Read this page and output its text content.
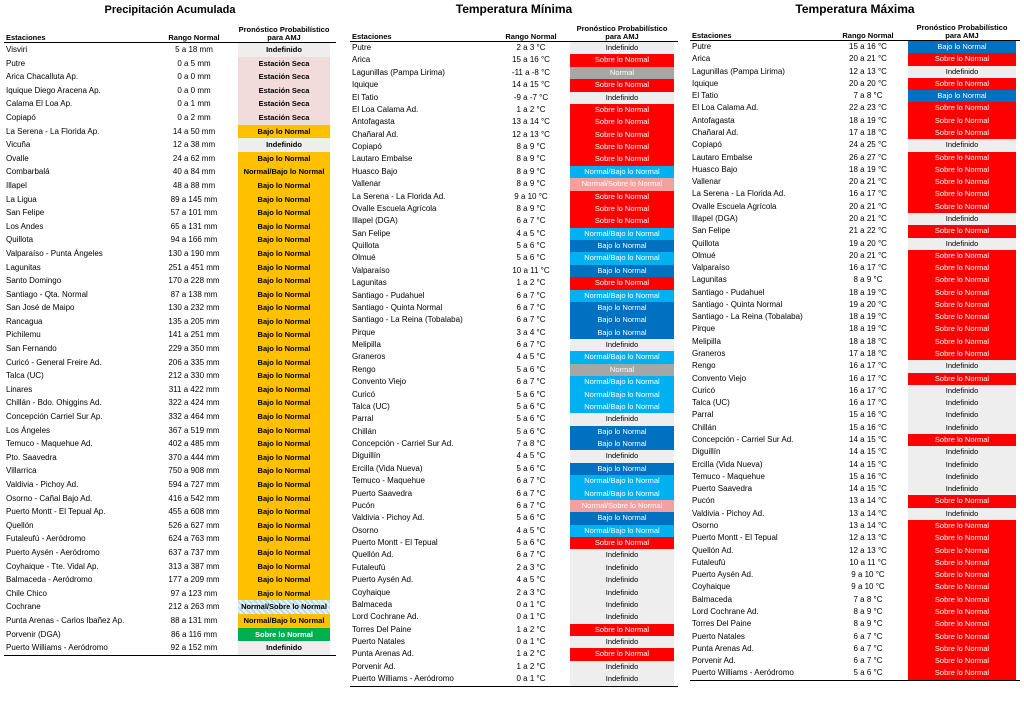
Precipitación Acumulada
Estaciones	Rango Normal	Pronóstico Probabilístico para AMJ	
Visviri	5 a 18 mm	Indefinido	
Putre	0 a 5 mm	Estación Seca	
Arica Chacalluta Ap.	0 a 0 mm	Estación Seca	
Iquique Diego Aracena Ap.	0 a 0 mm	Estación Seca	
Calama El Loa Ap.	0 a 1 mm	Estación Seca	
Copiapó	0 a 2 mm	Estación Seca	
La Serena - La Florida Ap.	14 a 50 mm	Bajo lo Normal	
Vicuña	12 a 38 mm	Indefinido	
Ovalle	24 a 62 mm	Bajo lo Normal	
Combarbalá	40 a 84 mm	Normal/Bajo lo Normal	
Illapel	48 a 88 mm	Bajo lo Normal	
La Ligua	89 a 145 mm	Bajo lo Normal	
San Felipe	57 a 101 mm	Bajo lo Normal	
Los Andes	65 a 131 mm	Bajo lo Normal	
Quillota	94 a 166 mm	Bajo lo Normal	
Valparaíso - Punta Ángeles	130 a 190 mm	Bajo lo Normal	
Lagunitas	251 a 451 mm	Bajo lo Normal	
Santo Domingo	170 a 228 mm	Bajo lo Normal	
Santiago - Qta. Normal	87 a 138 mm	Bajo lo Normal	
San José de Maipo	130 a 232 mm	Bajo lo Normal	
Rancagua	135 a 205 mm	Bajo lo Normal	
Pichilemu	141 a 251 mm	Bajo lo Normal	
San Fernando	229 a 350 mm	Bajo lo Normal	
Curicó - General Freire Ad.	206 a 335 mm	Bajo lo Normal	
Talca (UC)	212 a 330 mm	Bajo lo Normal	
Linares	311 a 422 mm	Bajo lo Normal	
Chillán - Bdo. Ohiggins Ad.	322 a 424 mm	Bajo lo Normal	
Concepción Carriel Sur Ap.	332 a 464 mm	Bajo lo Normal	
Los Ángeles	367 a 519 mm	Bajo lo Normal	
Temuco - Maquehue Ad.	402 a 485 mm	Bajo lo Normal	
Pto. Saavedra	370 a 444 mm	Bajo lo Normal	
Villarrica	750 a 908 mm	Bajo lo Normal	
Valdivia - Pichoy Ad.	594 a 727 mm	Bajo lo Normal	
Osorno - Cañal Bajo Ad.	416 a 542 mm	Bajo lo Normal	
Puerto Montt - El Tepual Ap.	455 a 608 mm	Bajo lo Normal	
Quellón	526 a 627 mm	Bajo lo Normal	
Futaleufú - Aeródromo	624 a 763 mm	Bajo lo Normal	
Puerto Aysén - Aeródromo	637 a 737 mm	Bajo lo Normal	
Coyhaique - Tte. Vidal Ap.	313 a 387 mm	Bajo lo Normal	
Balmaceda - Aeródromo	177 a 209 mm	Bajo lo Normal	
Chile Chico	97 a 123 mm	Bajo lo Normal	
Cochrane	212 a 263 mm	Normal/Sobre lo Normal	
Punta Arenas - Carlos Ibañez Ap.	88 a 131 mm	Normal/Bajo lo Normal	
Porvenir (DGA)	86 a 116 mm	Sobre lo Normal	
Puerto Williams - Aeródromo	92 a 152 mm	Indefinido	
Temperatura Mínima
Estaciones	Rango Normal	Pronóstico Probabilístico para AMJ	
Putre	2 a 3 °C	Indefinido	
Arica	15 a 16 °C	Sobre lo Normal	
Lagunillas (Pampa Lirima)	-11 a -8 °C	Normal	
Iquique	14 a 15 °C	Sobre lo Normal	
El Tatio	-9 a -7 °C	Indefinido	
El Loa Calama Ad.	1 a 2 °C	Sobre lo Normal	
Antofagasta	13 a 14 °C	Sobre lo Normal	
Chañaral Ad.	12 a 13 °C	Sobre lo Normal	
Copiapó	8 a 9 °C	Sobre lo Normal	
Lautaro Embalse	8 a 9 °C	Sobre lo Normal	
Huasco Bajo	8 a 9 °C	Normal/Bajo lo Normal	
Vallenar	8 a 9 °C	Normal/Sobre lo Normal	
La Serena - La Florida Ad.	9 a 10 °C	Sobre lo Normal	
Ovalle Escuela Agrícola	8 a 9 °C	Sobre lo Normal	
Illapel (DGA)	6 a 7 °C	Sobre lo Normal	
San Felipe	4 a 5 °C	Normal/Bajo lo Normal	
Quillota	5 a 6 °C	Bajo lo Normal	
Olmué	5 a 6 °C	Normal/Bajo lo Normal	
Valparaíso	10 a 11 °C	Bajo lo Normal	
Lagunitas	1 a 2 °C	Sobre lo Normal	
Santiago - Pudahuel	6 a 7 °C	Normal/Bajo lo Normal	
Santiago - Quinta Normal	6 a 7 °C	Bajo lo Normal	
Santiago - La Reina (Tobalaba)	6 a 7 °C	Bajo lo Normal	
Pirque	3 a 4 °C	Bajo lo Normal	
Melipilla	6 a 7 °C	Indefinido	
Graneros	4 a 5 °C	Normal/Bajo lo Normal	
Rengo	5 a 6 °C	Normal	
Convento Viejo	6 a 7 °C	Normal/Bajo lo Normal	
Curicó	5 a 6 °C	Normal/Bajo lo Normal	
Talca (UC)	5 a 6 °C	Normal/Bajo lo Normal	
Parral	5 a 6 °C	Indefinido	
Chillán	5 a 6 °C	Bajo lo Normal	
Concepción - Carriel Sur Ad.	7 a 8 °C	Bajo lo Normal	
Diguillín	4 a 5 °C	Indefinido	
Ercilla (Vida Nueva)	5 a 6 °C	Bajo lo Normal	
Temuco - Maquehue	6 a 7 °C	Normal/Bajo lo Normal	
Puerto Saavedra	6 a 7 °C	Normal/Bajo lo Normal	
Pucón	6 a 7 °C	Normal/Sobre lo Normal	
Valdivia - Pichoy Ad.	5 a 6 °C	Bajo lo Normal	
Osorno	4 a 5 °C	Normal/Bajo lo Normal	
Puerto Montt - El Tepual	5 a 6 °C	Sobre lo Normal	
Quellón Ad.	6 a 7 °C	Indefinido	
Futaleufú	2 a 3 °C	Indefinido	
Puerto Aysén Ad.	4 a 5 °C	Indefinido	
Coyhaique	2 a 3 °C	Indefinido	
Balmaceda	0 a 1 °C	Indefinido	
Lord Cochrane Ad.	0 a 1 °C	Indefinido	
Torres Del Paine	1 a 2 °C	Sobre lo Normal	
Puerto Natales	0 a 1 °C	Indefinido	
Punta Arenas Ad.	1 a 2 °C	Sobre lo Normal	
Porvenir Ad.	1 a 2 °C	Indefinido	
Puerto Williams - Aeródromo	0 a 1 °C	Indefinido	
Temperatura Máxima
Estaciones	Rango Normal	Pronóstico Probabilístico para AMJ	
Putre	15 a 16 °C	Bajo lo Normal	
Arica	20 a 21 °C	Sobre lo Normal	
Lagunillas (Pampa Lirima)	12 a 13 °C	Indefinido	
Iquique	20 a 20 °C	Sobre lo Normal	
El Tatio	7 a 8 °C	Bajo lo Normal	
El Loa Calama Ad.	22 a 23 °C	Sobre lo Normal	
Antofagasta	18 a 19 °C	Sobre lo Normal	
Chañaral Ad.	17 a 18 °C	Sobre lo Normal	
Copiapó	24 a 25 °C	Indefinido	
Lautaro Embalse	26 a 27 °C	Sobre lo Normal	
Huasco Bajo	18 a 19 °C	Sobre lo Normal	
Vallenar	20 a 21 °C	Sobre lo Normal	
La Serena - La Florida Ad.	16 a 17 °C	Sobre lo Normal	
Ovalle Escuela Agrícola	20 a 21 °C	Sobre lo Normal	
Illapel (DGA)	20 a 21 °C	Indefinido	
San Felipe	21 a 22 °C	Sobre lo Normal	
Quillota	19 a 20 °C	Indefinido	
Olmué	20 a 21 °C	Sobre lo Normal	
Valparaíso	16 a 17 °C	Sobre lo Normal	
Lagunitas	8 a 9 °C	Sobre lo Normal	
Santiago - Pudahuel	18 a 19 °C	Sobre lo Normal	
Santiago - Quinta Normal	19 a 20 °C	Sobre lo Normal	
Santiago - La Reina (Tobalaba)	18 a 19 °C	Sobre lo Normal	
Pirque	18 a 19 °C	Sobre lo Normal	
Melipilla	18 a 18 °C	Sobre lo Normal	
Graneros	17 a 18 °C	Sobre lo Normal	
Rengo	16 a 17 °C	Indefinido	
Convento Viejo	16 a 17 °C	Sobre lo Normal	
Curicó	16 a 17 °C	Indefinido	
Talca (UC)	16 a 17 °C	Indefinido	
Parral	15 a 16 °C	Indefinido	
Chillán	15 a 16 °C	Indefinido	
Concepción - Carriel Sur Ad.	14 a 15 °C	Sobre lo Normal	
Diguillín	14 a 15 °C	Indefinido	
Ercilla (Vida Nueva)	14 a 15 °C	Indefinido	
Temuco - Maquehue	15 a 16 °C	Indefinido	
Puerto Saavedra	14 a 15 °C	Indefinido	
Pucón	13 a 14 °C	Sobre lo Normal	
Valdivia - Pichoy Ad.	13 a 14 °C	Indefinido	
Osorno	13 a 14 °C	Sobre lo Normal	
Puerto Montt - El Tepual	12 a 13 °C	Sobre lo Normal	
Quellón Ad.	12 a 13 °C	Sobre lo Normal	
Futaleufú	10 a 11 °C	Sobre lo Normal	
Puerto Aysén Ad.	9 a 10 °C	Sobre lo Normal	
Coyhaique	9 a 10 °C	Sobre lo Normal	
Balmaceda	7 a 8 °C	Sobre lo Normal	
Lord Cochrane Ad.	8 a 9 °C	Sobre lo Normal	
Torres Del Paine	8 a 9 °C	Sobre lo Normal	
Puerto Natales	6 a 7 °C	Sobre lo Normal	
Punta Arenas Ad.	6 a 7 °C	Sobre lo Normal	
Porvenir Ad.	6 a 7 °C	Sobre lo Normal	
Puerto Williams - Aeródromo	5 a 6 °C	Sobre lo Normal	
